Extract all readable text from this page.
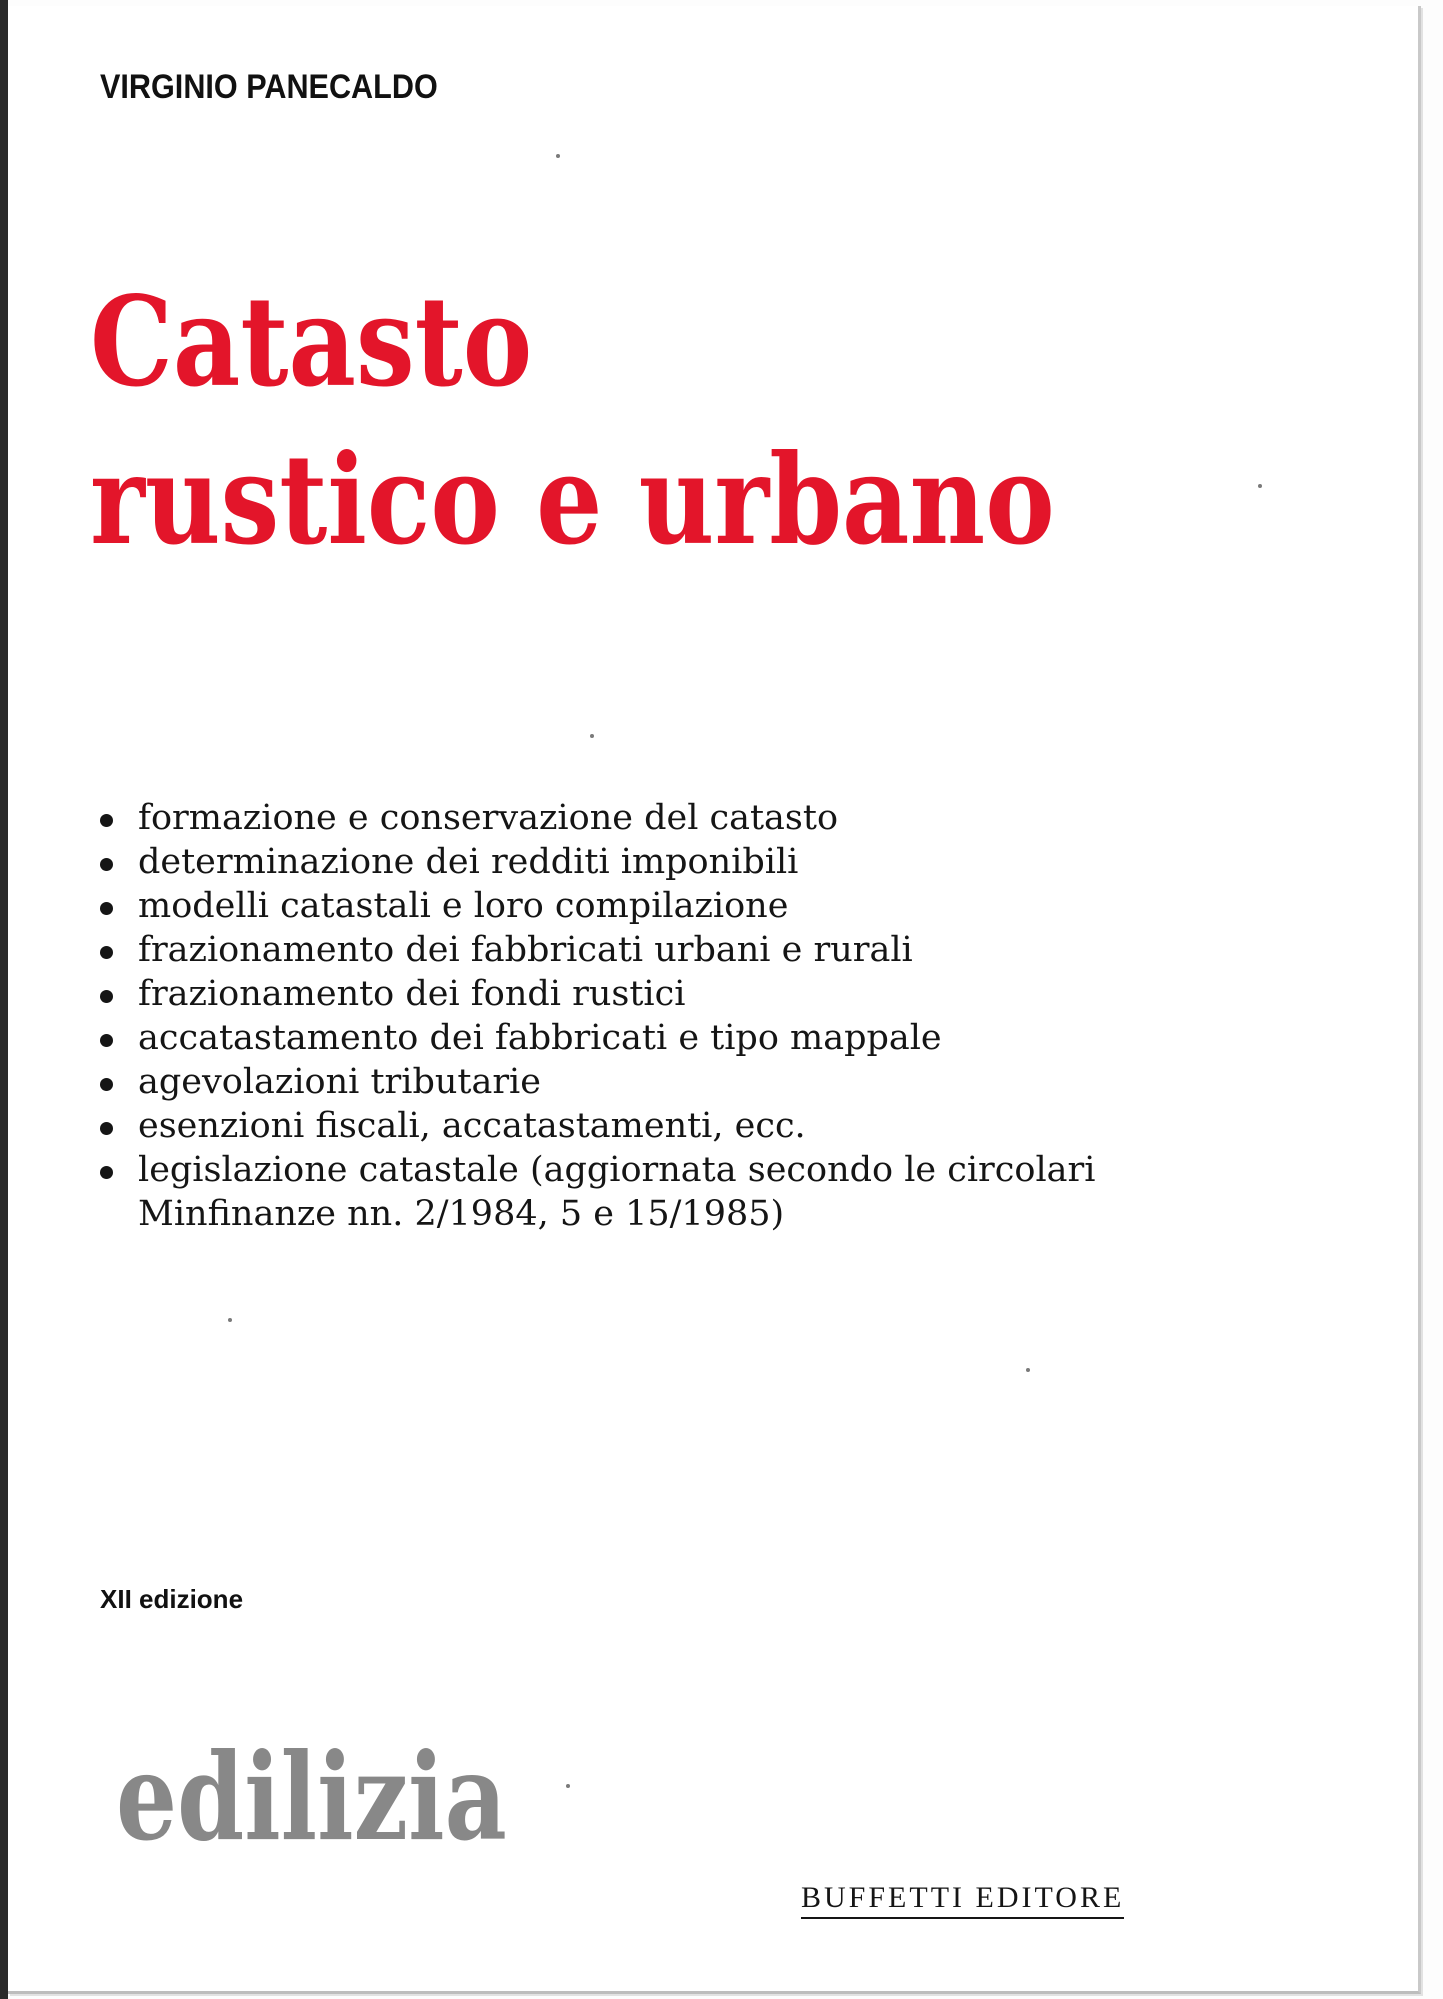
VIRGINIO PANECALDO

Catasto
rustico e urbano
formazione e conservazione del catasto
determinazione dei redditi imponibili
modelli catastali e loro compilazione
frazionamento dei fabbricati urbani e rurali
frazionamento dei fondi rustici
accatastamento dei fabbricati e tipo mappale
agevolazioni tributarie
esenzioni fiscali, accatastamenti, ecc.
legislazione catastale (aggiornata secondo le circolari
Minfinanze nn. 2/1984, 5 e 15/1985)

XII edizione

edilizia

BUFFETTI EDITORE
